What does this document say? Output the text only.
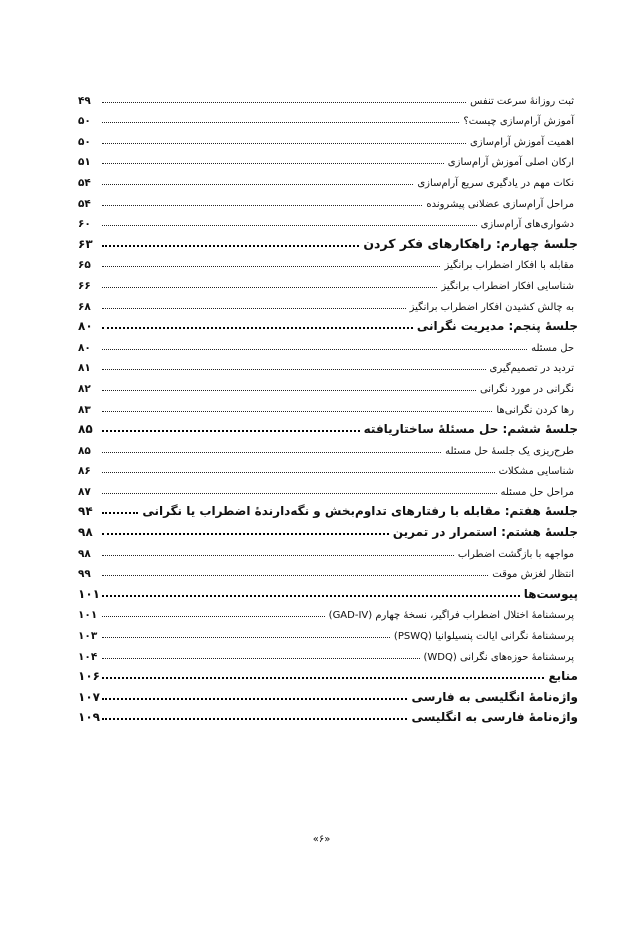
ثبت روزانهٔ سرعت تنفس
۴۹
آموزش آرام‌سازی چیست؟
۵۰
اهمیت آموزش آرام‌سازی
۵۰
ارکان اصلی آموزش آرام‌سازی
۵۱
نکات مهم در یادگیری سریع آرام‌سازی
۵۴
مراحل آرام‌سازی عضلانی پیشرونده
۵۴
دشواری‌های آرام‌سازی
۶۰
جلسهٔ چهارم: راهکارهای فکر کردن
۶۳
مقابله با افکار اضطراب برانگیز
۶۵
شناسایی افکار اضطراب برانگیز
۶۶
به چالش کشیدن افکار اضطراب برانگیز
۶۸
جلسهٔ پنجم: مدیریت نگرانی
۸۰
حل مسئله
۸۰
تردید در تصمیم‌گیری
۸۱
نگرانی در مورد نگرانی
۸۲
رها کردن نگرانی‌ها
۸۳
جلسهٔ ششم: حل مسئلهٔ ساختاریافته
۸۵
طرح‌ریزی یک جلسهٔ حل مسئله
۸۵
شناسایی مشکلات
۸۶
مراحل حل مسئله
۸۷
جلسهٔ هفتم: مقابله با رفتارهای تداوم‌بخش و نگه‌دارندهٔ اضطراب یا نگرانی
۹۴
جلسهٔ هشتم: استمرار در تمرین
۹۸
مواجهه با بازگشت اضطراب
۹۸
انتظار لغزش موقت
۹۹
پیوست‌ها
۱۰۱
پرسشنامهٔ اختلال اضطراب فراگیر، نسخهٔ چهارم (GAD-IV)
۱۰۱
پرسشنامهٔ نگرانی ایالت پنسیلوانیا (PSWQ)
۱۰۳
پرسشنامهٔ حوزه‌های نگرانی (WDQ)
۱۰۴
منابع
۱۰۶
واژه‌نامهٔ انگلیسی به فارسی
۱۰۷
واژه‌نامهٔ فارسی به انگلیسی
۱۰۹
«۶»
